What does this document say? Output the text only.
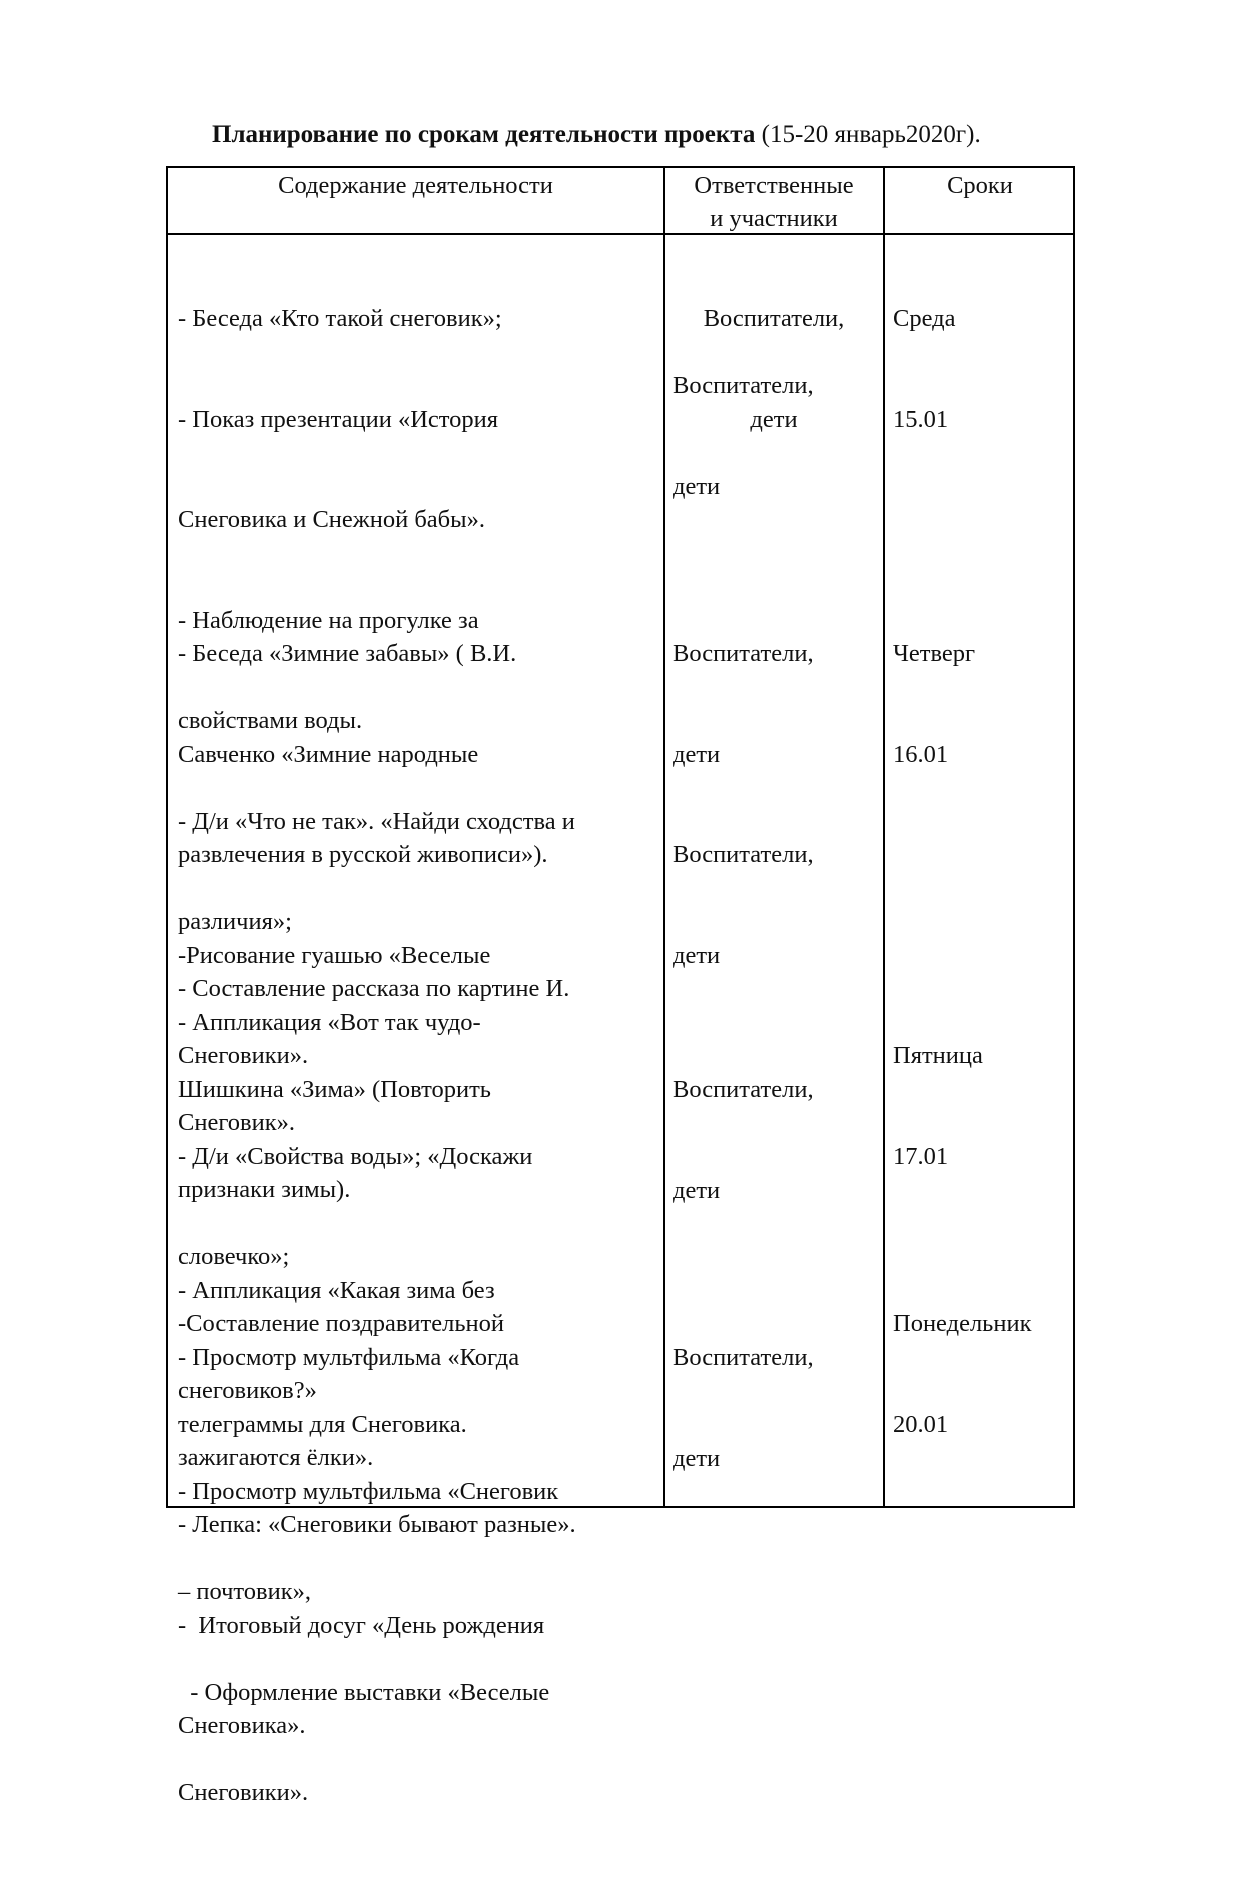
Планирование по срокам деятельности проекта (15-20 январь2020г).
Содержание деятельности	Ответственные
и участники
Сроки

- Беседа «Кто такой снеговик»;

- Показ презентации «История

Снеговика и Снежной бабы».

- Наблюдение на прогулке за

свойствами воды.

- Д/и «Что не так». «Найди сходства и

различия»;

- Аппликация «Вот так чудо-

Снеговик».

Воспитатели,

дети

Воспитатели,

дети

Среда

15.01

- Беседа «Зимние забавы» ( В.И.

Савченко «Зимние народные

развлечения в русской живописи»).

-Рисование гуашью «Веселые

Снеговики».

- Д/и «Свойства воды»; «Доскажи

словечко»;

- Просмотр мультфильма «Когда

зажигаются ёлки».

Воспитатели,

дети

Воспитатели,

дети

Четверг

16.01

- Составление рассказа по картине И.

Шишкина «Зима» (Повторить

признаки зимы).

- Аппликация «Какая зима без

снеговиков?»

- Просмотр мультфильма «Снеговик

– почтовик»,

- Оформление выставки «Веселые

Снеговики».

Воспитатели,

дети

Пятница

17.01

-Составление поздравительной

телеграммы для Снеговика.

- Лепка: «Снеговики бывают разные».

-  Итоговый досуг «День рождения

Снеговика».

Воспитатели,

дети

Понедельник

20.01
